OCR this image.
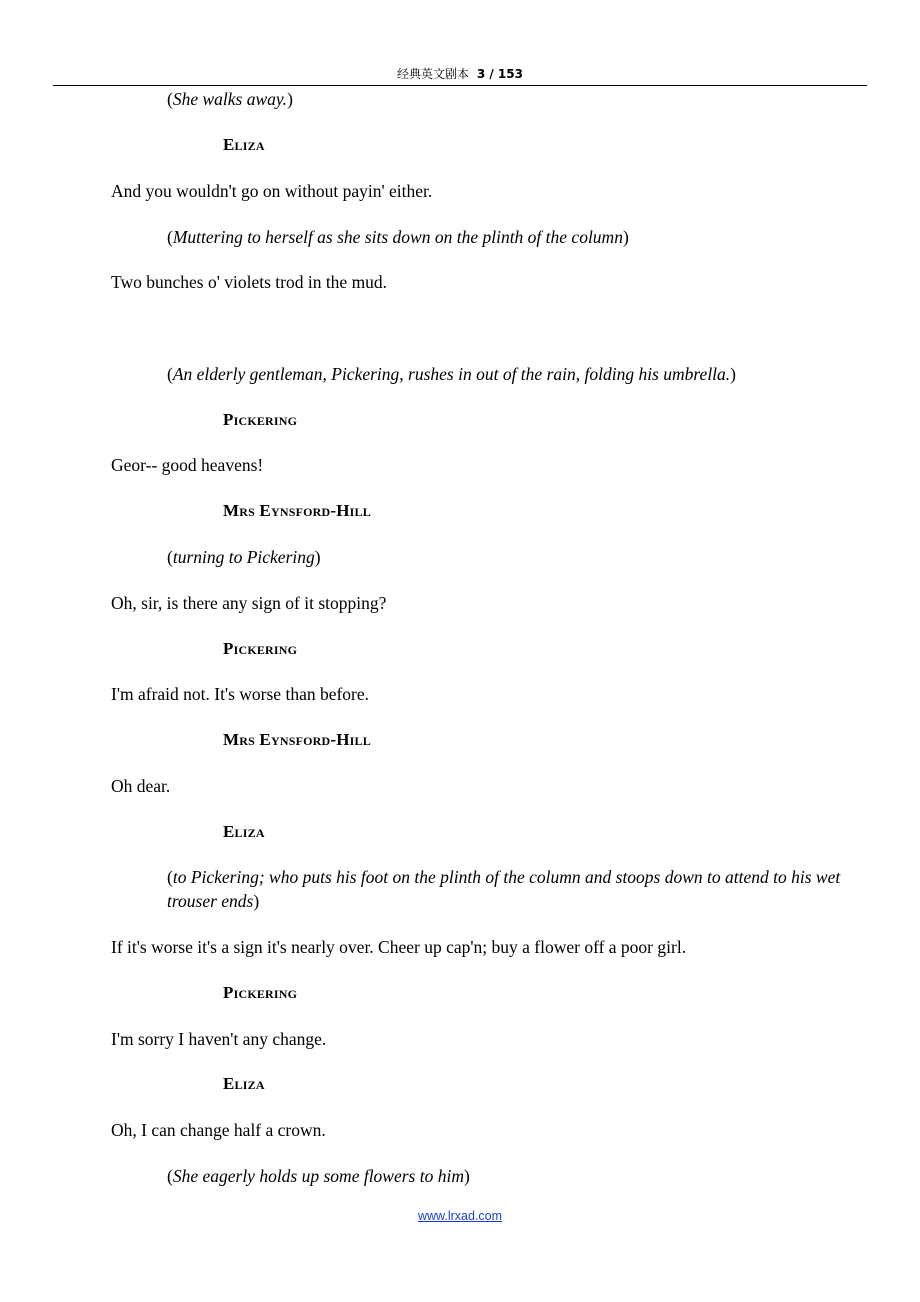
经典英文剧本 3 / 153
(She walks away.)
Eliza
And you wouldn't go on without payin' either.
(Muttering to herself as she sits down on the plinth of the column)
Two bunches o' violets trod in the mud.
(An elderly gentleman, Pickering, rushes in out of the rain, folding his umbrella.)
Pickering
Geor-- good heavens!
Mrs Eynsford-Hill
(turning to Pickering)
Oh, sir, is there any sign of it stopping?
Pickering
I'm afraid not. It's worse than before.
Mrs Eynsford-Hill
Oh dear.
Eliza
(to Pickering; who puts his foot on the plinth of the column and stoops down to attend to his wet trouser ends)
If it's worse it's a sign it's nearly over. Cheer up cap'n; buy a flower off a poor girl.
Pickering
I'm sorry I haven't any change.
Eliza
Oh, I can change half a crown.
(She eagerly holds up some flowers to him)
www.lrxad.com
